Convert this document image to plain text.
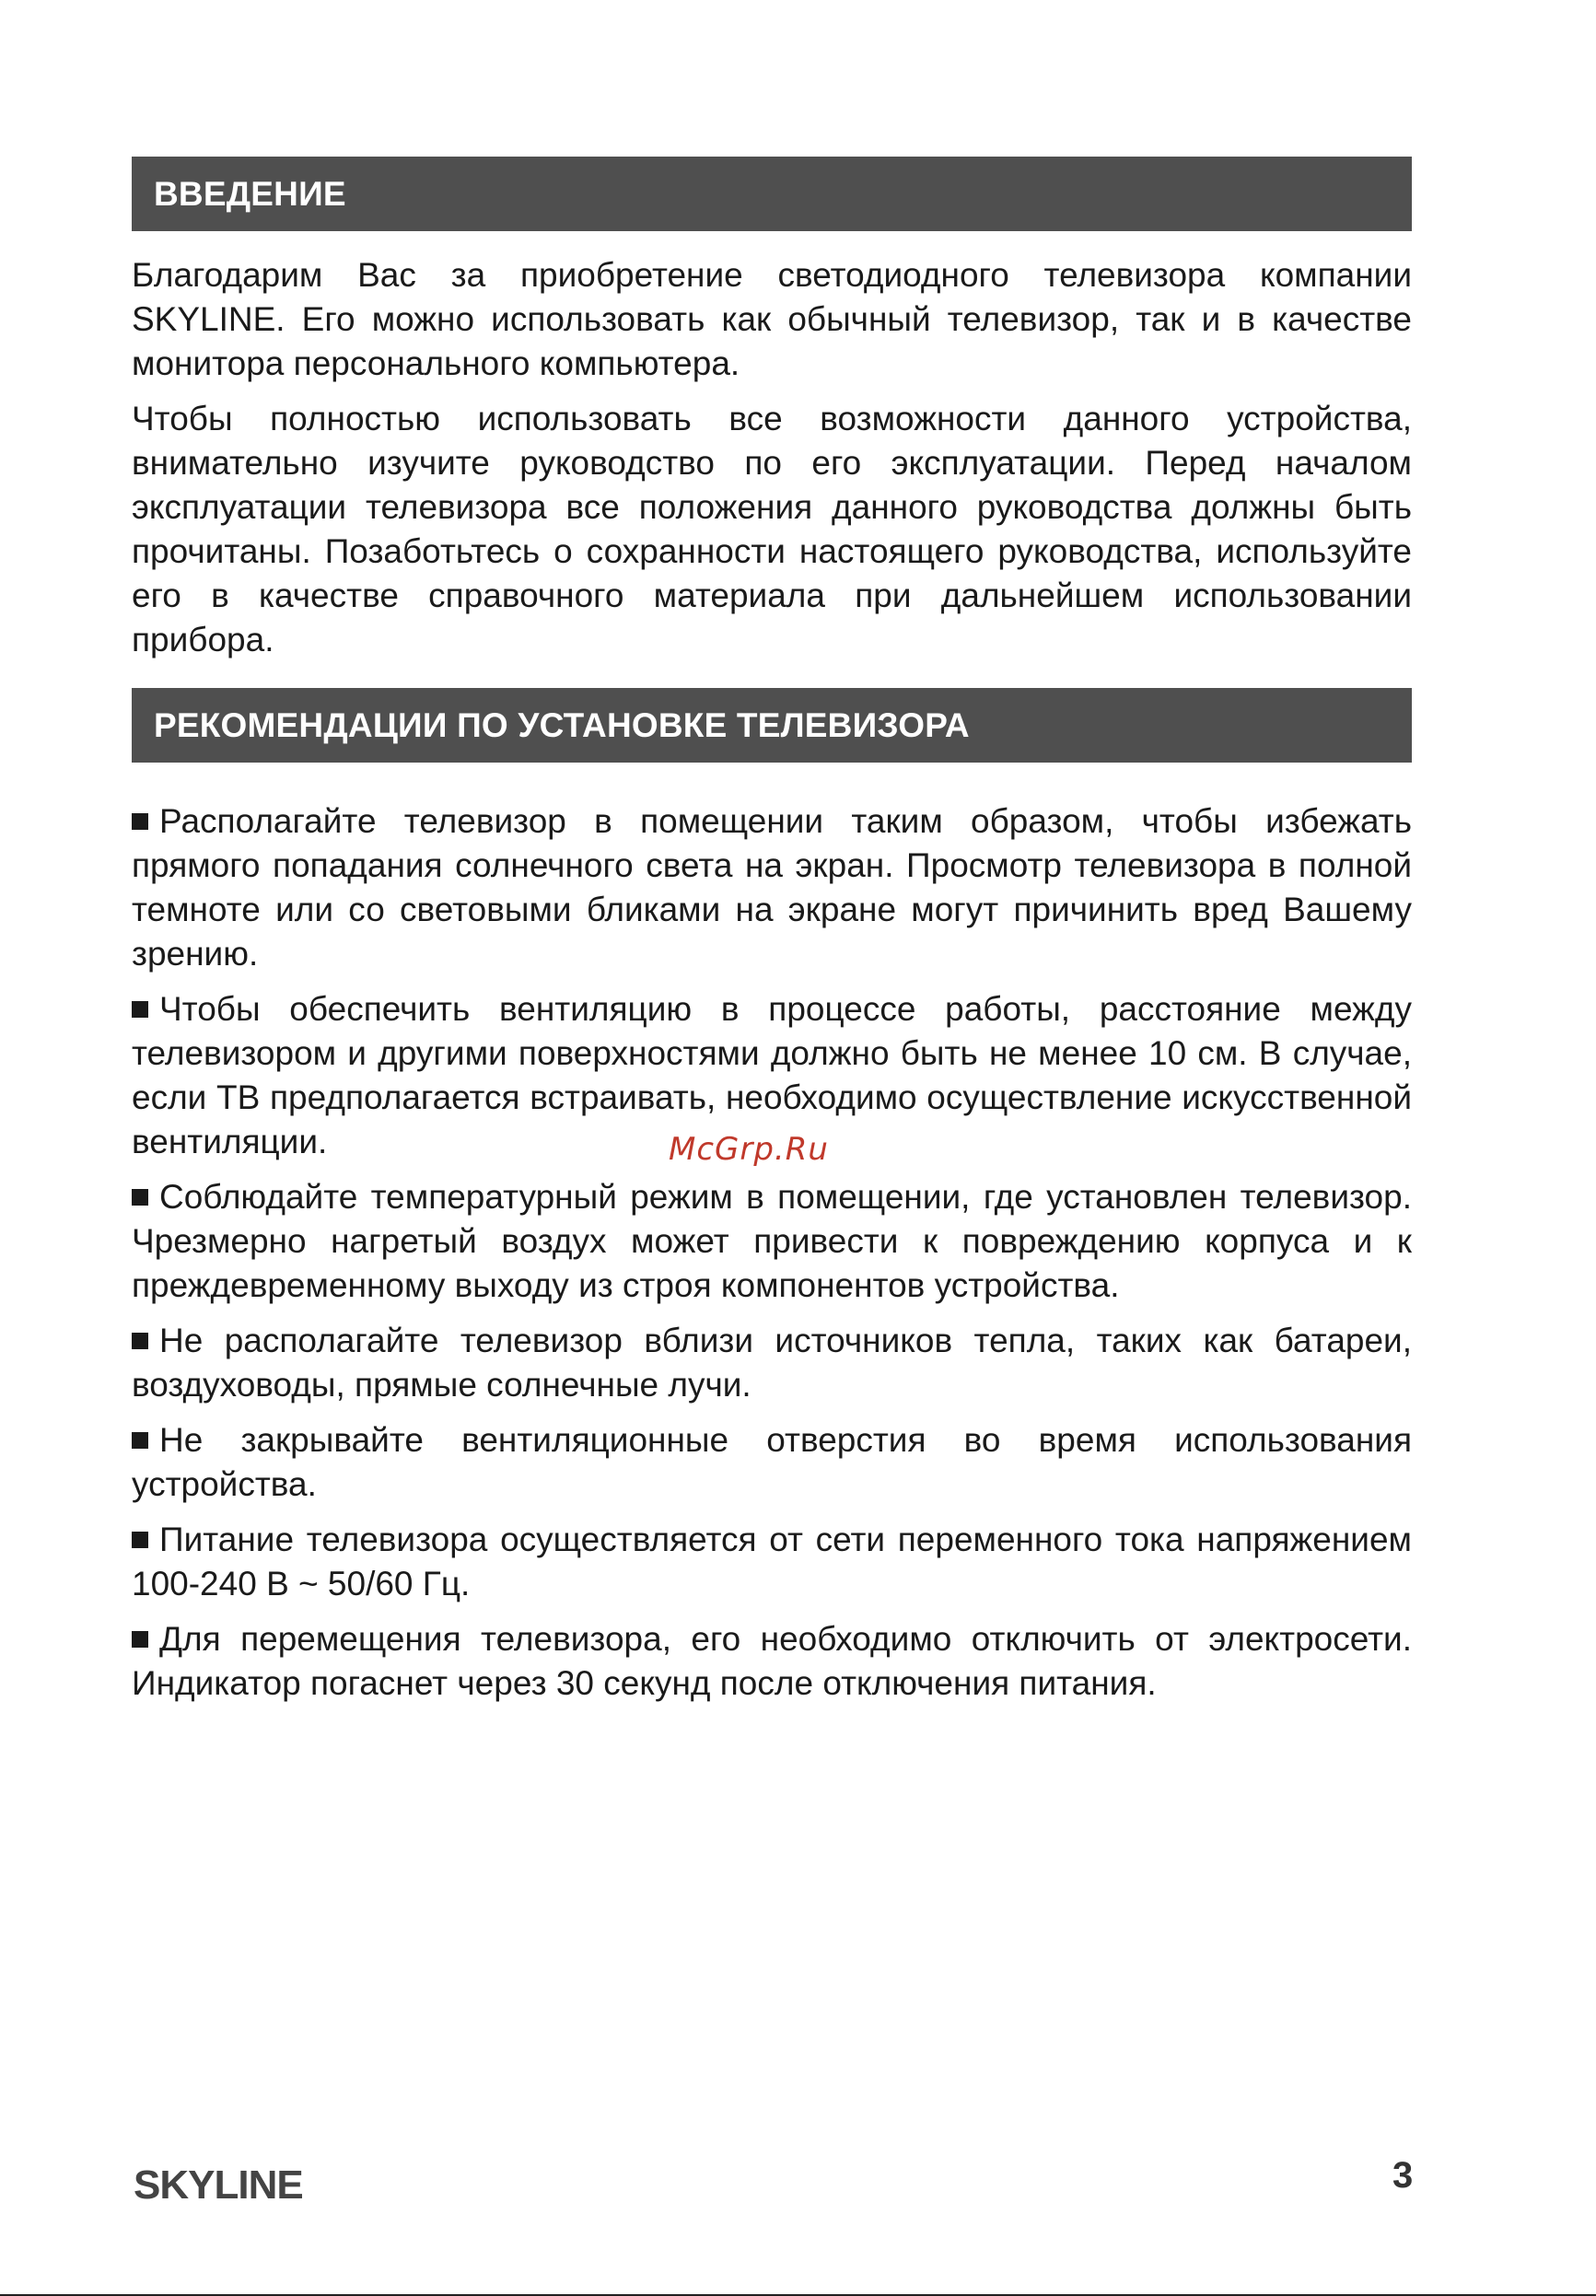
ВВЕДЕНИЕ

Благодарим Вас за приобретение светодиодного телевизора компании SKYLINE. Его можно использовать как обычный телевизор, так и в качестве монитора персонального компьютера.

Чтобы полностью использовать все возможности данного устройства, внимательно изучите руководство по его эксплуатации. Перед началом эксплуатации телевизора все положения данного руководства должны быть прочитаны. Позаботьтесь о сохранности настоящего руководства, используйте его в качестве справочного материала при дальнейшем использовании прибора.

РЕКОМЕНДАЦИИ ПО УСТАНОВКЕ ТЕЛЕВИЗОРА

Располагайте телевизор в помещении таким образом, чтобы избежать прямого попадания солнечного света на экран. Просмотр телевизора в полной темноте или со световыми бликами на экране могут причинить вред Вашему зрению.

Чтобы обеспечить вентиляцию в процессе работы, расстояние между телевизором и другими поверхностями должно быть не менее 10 см. В случае, если ТВ предполагается встраивать, необходимо осуществление искусственной вентиляции.

Соблюдайте температурный режим в помещении, где установлен телевизор. Чрезмерно нагретый воздух может привести к повреждению корпуса и к преждевременному выходу из строя компонентов устройства.

Не располагайте телевизор вблизи источников тепла, таких как батареи, воздуховоды, прямые солнечные лучи.

Не закрывайте вентиляционные отверстия во время использования устройства.

Питание телевизора осуществляется от сети переменного тока напряжением 100-240 В ~ 50/60 Гц.

Для перемещения телевизора, его необходимо отключить от электросети. Индикатор погаснет через 30 секунд после отключения питания.

McGrp.Ru
SKYLINE	3
